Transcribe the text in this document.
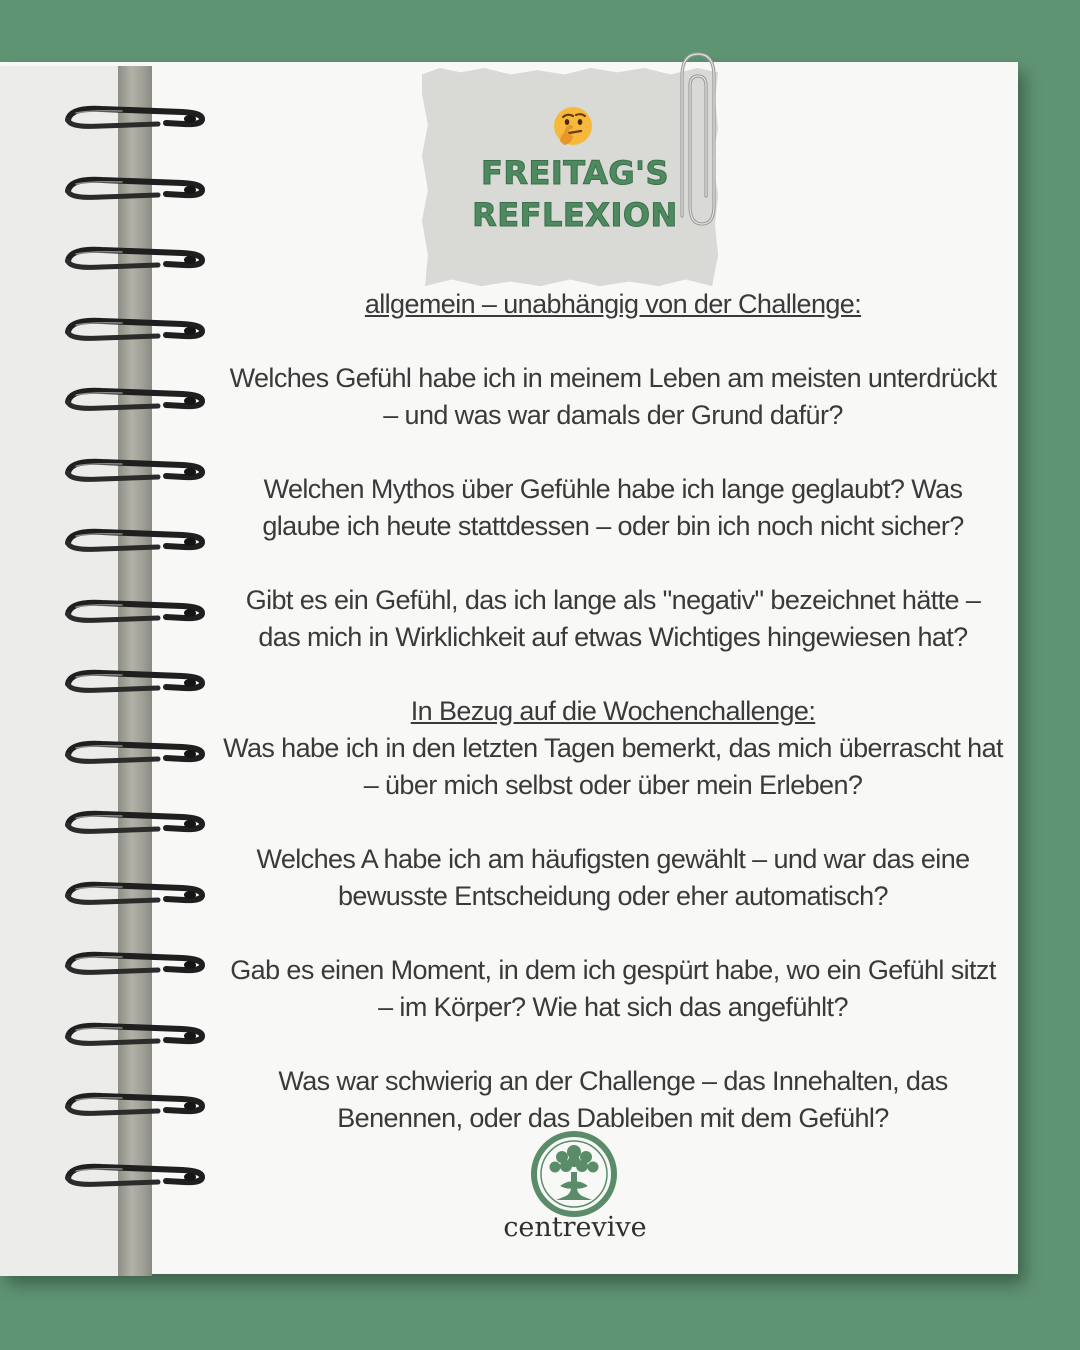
FREITAG'S
REFLEXION
allgemein – unabhängig von der Challenge:
Welches Gefühl habe ich in meinem Leben am meisten unterdrückt – und was war damals der Grund dafür?
Welchen Mythos über Gefühle habe ich lange geglaubt? Was glaube ich heute stattdessen – oder bin ich noch nicht sicher?
Gibt es ein Gefühl, das ich lange als "negativ" bezeichnet hätte – das mich in Wirklichkeit auf etwas Wichtiges hingewiesen hat?
In Bezug auf die Wochenchallenge:
Was habe ich in den letzten Tagen bemerkt, das mich überrascht hat – über mich selbst oder über mein Erleben?
Welches A habe ich am häufigsten gewählt – und war das eine bewusste Entscheidung oder eher automatisch?
Gab es einen Moment, in dem ich gespürt habe, wo ein Gefühl sitzt – im Körper? Wie hat sich das angefühlt?
Was war schwierig an der Challenge – das Innehalten, das Benennen, oder das Dableiben mit dem Gefühl?
centrevive
